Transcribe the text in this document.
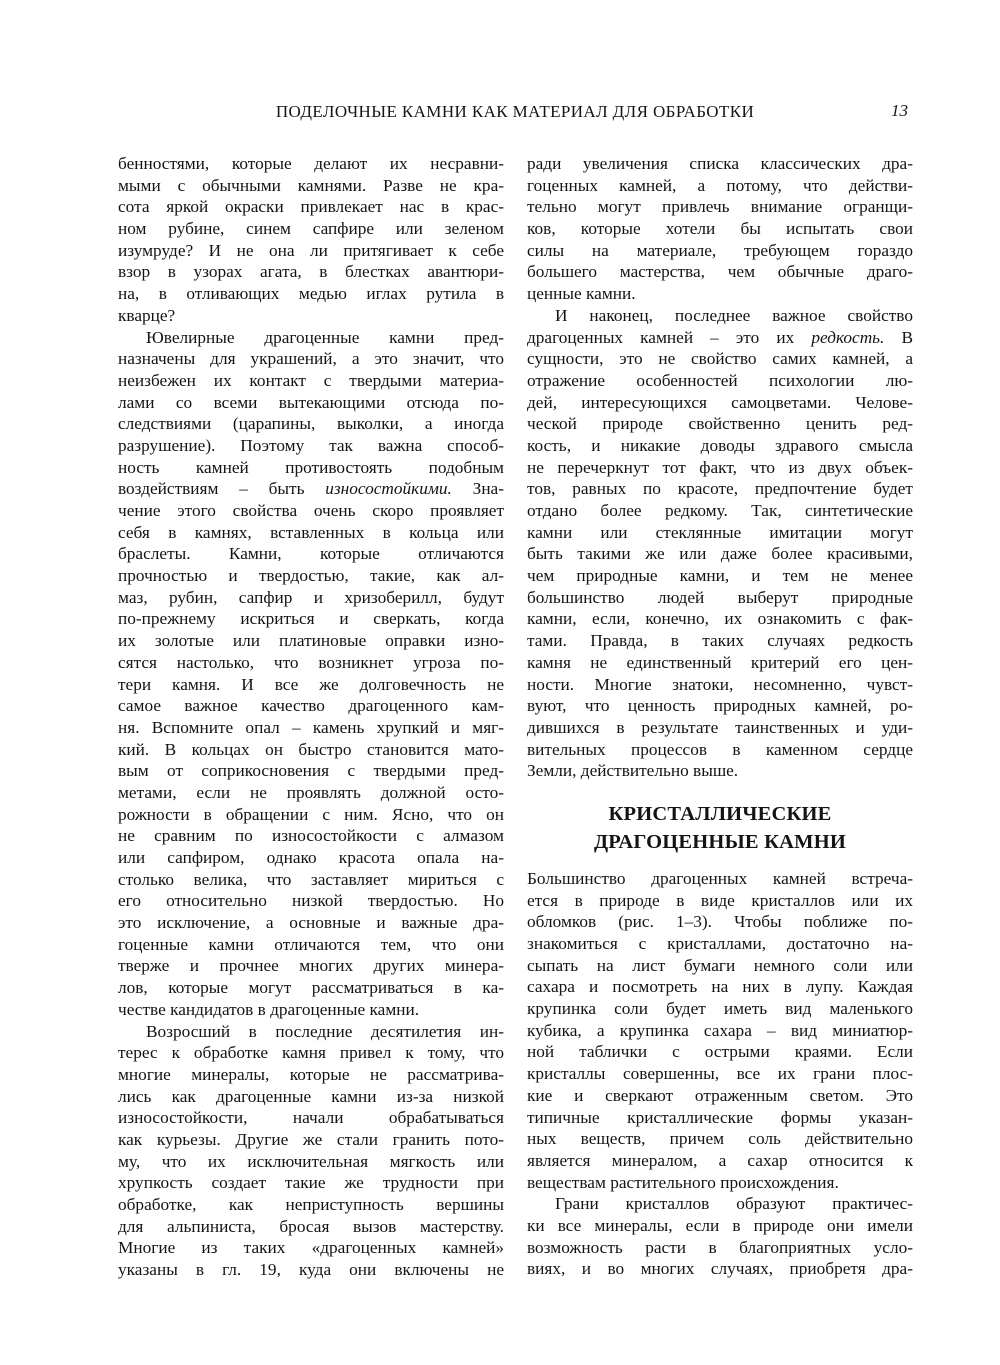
ПОДЕЛОЧНЫЕ КАМНИ КАК МАТЕРИАЛ ДЛЯ ОБРАБОТКИ	13
бенностями, которые делают их несравни-
мыми с обычными камнями. Разве не кра-
сота яркой окраски привлекает нас в крас-
ном рубине, синем сапфире или зеленом
изумруде? И не она ли притягивает к себе
взор в узорах агата, в блестках авантюри-
на, в отливающих медью иглах рутила в
кварце?
Ювелирные драгоценные камни пред-
назначены для украшений, а это значит, что
неизбежен их контакт с твердыми материа-
лами со всеми вытекающими отсюда по-
следствиями (царапины, выколки, а иногда
разрушение). Поэтому так важна способ-
ность камней противостоять подобным
воздействиям – быть износостойкими. Зна-
чение этого свойства очень скоро проявляет
себя в камнях, вставленных в кольца или
браслеты. Камни, которые отличаются
прочностью и твердостью, такие, как ал-
маз, рубин, сапфир и хризоберилл, будут
по-прежнему искриться и сверкать, когда
их золотые или платиновые оправки изно-
сятся настолько, что возникнет угроза по-
тери камня. И все же долговечность не
самое важное качество драгоценного кам-
ня. Вспомните опал – камень хрупкий и мяг-
кий. В кольцах он быстро становится мато-
вым от соприкосновения с твердыми пред-
метами, если не проявлять должной осто-
рожности в обращении с ним. Ясно, что он
не сравним по износостойкости с алмазом
или сапфиром, однако красота опала на-
столько велика, что заставляет мириться с
его относительно низкой твердостью. Но
это исключение, а основные и важные дра-
гоценные камни отличаются тем, что они
тверже и прочнее многих других минера-
лов, которые могут рассматриваться в ка-
честве кандидатов в драгоценные камни.
Возросший в последние десятилетия ин-
терес к обработке камня привел к тому, что
многие минералы, которые не рассматрива-
лись как драгоценные камни из-за низкой
износостойкости, начали обрабатываться
как курьезы. Другие же стали гранить пото-
му, что их исключительная мягкость или
хрупкость создает такие же трудности при
обработке, как неприступность вершины
для альпиниста, бросая вызов мастерству.
Многие из таких «драгоценных камней»
указаны в гл. 19, куда они включены не
ради увеличения списка классических дра-
гоценных камней, а потому, что действи-
тельно могут привлечь внимание огранщи-
ков, которые хотели бы испытать свои
силы на материале, требующем гораздо
большего мастерства, чем обычные драго-
ценные камни.
И наконец, последнее важное свойство
драгоценных камней – это их редкость. В
сущности, это не свойство самих камней, а
отражение особенностей психологии лю-
дей, интересующихся самоцветами. Челове-
ческой природе свойственно ценить ред-
кость, и никакие доводы здравого смысла
не перечеркнут тот факт, что из двух объек-
тов, равных по красоте, предпочтение будет
отдано более редкому. Так, синтетические
камни или стеклянные имитации могут
быть такими же или даже более красивыми,
чем природные камни, и тем не менее
большинство людей выберут природные
камни, если, конечно, их ознакомить с фак-
тами. Правда, в таких случаях редкость
камня не единственный критерий его цен-
ности. Многие знатоки, несомненно, чувст-
вуют, что ценность природных камней, ро-
дившихся в результате таинственных и уди-
вительных процессов в каменном сердце
Земли, действительно выше.
КРИСТАЛЛИЧЕСКИЕ
ДРАГОЦЕННЫЕ КАМНИ
Большинство драгоценных камней встреча-
ется в природе в виде кристаллов или их
обломков (рис. 1–3). Чтобы поближе по-
знакомиться с кристаллами, достаточно на-
сыпать на лист бумаги немного соли или
сахара и посмотреть на них в лупу. Каждая
крупинка соли будет иметь вид маленького
кубика, а крупинка сахара – вид миниатюр-
ной таблички с острыми краями. Если
кристаллы совершенны, все их грани плос-
кие и сверкают отраженным светом. Это
типичные кристаллические формы указан-
ных веществ, причем соль действительно
является минералом, а сахар относится к
веществам растительного происхождения.
Грани кристаллов образуют практичес-
ки все минералы, если в природе они имели
возможность расти в благоприятных усло-
виях, и во многих случаях, приобретя дра-
